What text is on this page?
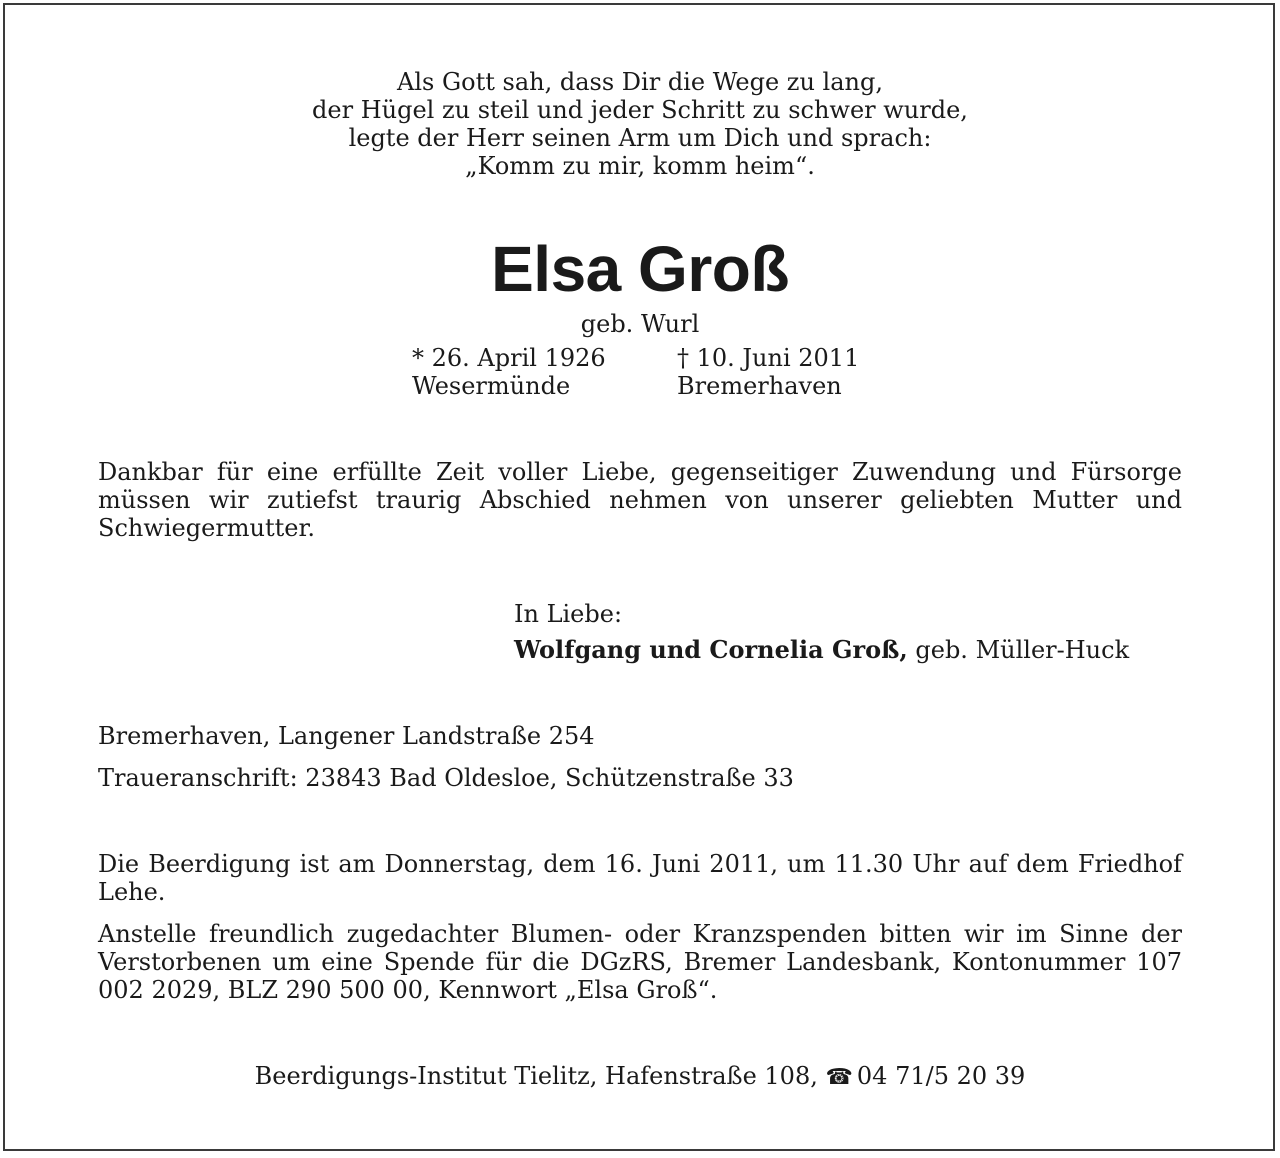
Als Gott sah, dass Dir die Wege zu lang,
der Hügel zu steil und jeder Schritt zu schwer wurde,
legte der Herr seinen Arm um Dich und sprach:
„Komm zu mir, komm heim“.
Elsa Groß
geb. Wurl
* 26. April 1926
Wesermünde
† 10. Juni 2011
Bremerhaven
Dankbar für eine erfüllte Zeit voller Liebe, gegenseitiger Zuwendung und Fürsorge müssen wir zutiefst traurig Abschied nehmen von unserer geliebten Mutter und Schwiegermutter.
In Liebe:
Wolfgang und Cornelia Groß, geb. Müller-Huck
Bremerhaven, Langener Landstraße 254
Traueranschrift: 23843 Bad Oldesloe, Schützenstraße 33
Die Beerdigung ist am Donnerstag, dem 16. Juni 2011, um 11.30 Uhr auf dem Friedhof Lehe.
Anstelle freundlich zugedachter Blumen- oder Kranzspenden bitten wir im Sinne der Verstorbenen um eine Spende für die DGzRS, Bremer Landesbank, Kontonummer 107 002 2029, BLZ 290 500 00, Kennwort „Elsa Groß“.
Beerdigungs-Institut Tielitz, Hafenstraße 108, ☎ 04 71/5 20 39
